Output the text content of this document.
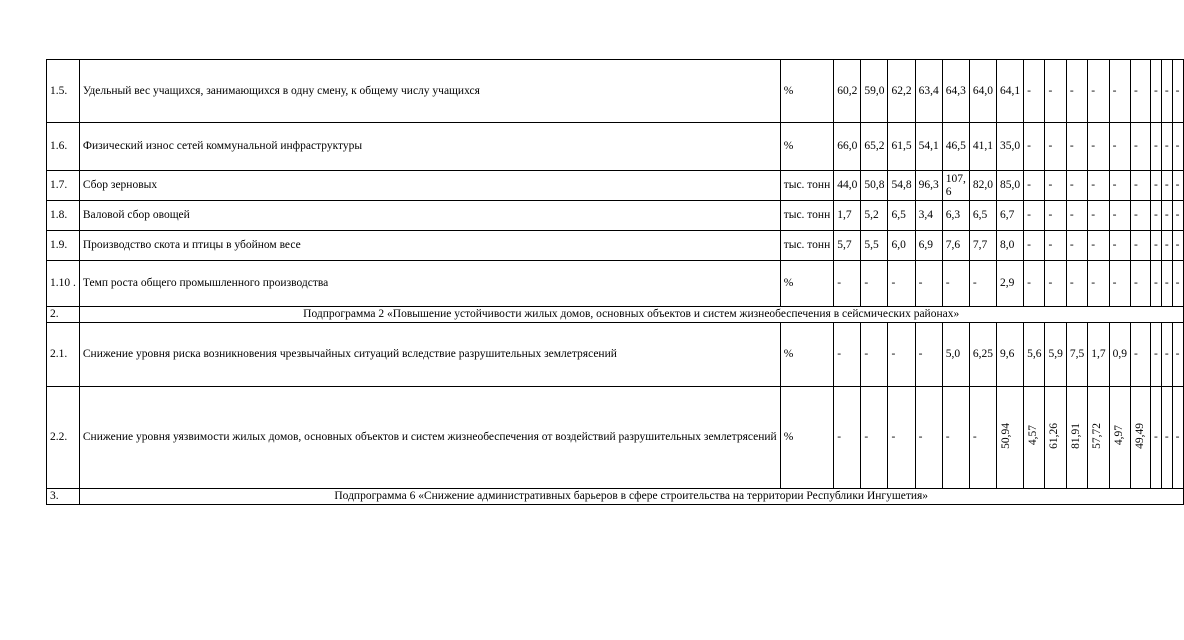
1.5.	Удельный вес учащихся, занимающихся в одну смену, к общему числу учащихся	%	60,2	59,0	62,2	63,4	64,3	64,0	64,1	-	-	-	-	-	-	-	-	-
1.6.	Физический износ сетей коммунальной инфраструктуры	%	66,0	65,2	61,5	54,1	46,5	41,1	35,0	-	-	-	-	-	-	-	-	-
1.7.	Сбор зерновых	тыс. тонн	44,0	50,8	54,8	96,3	107, 6	82,0	85,0	-	-	-	-	-	-	-	-	-
1.8.	Валовой сбор овощей	тыс. тонн	1,7	5,2	6,5	3,4	6,3	6,5	6,7	-	-	-	-	-	-	-	-	-
1.9.	Производство скота и птицы в убойном весе	тыс. тонн	5,7	5,5	6,0	6,9	7,6	7,7	8,0	-	-	-	-	-	-	-	-	-
1.10 .	Темп роста общего промышленного производства	%	-	-	-	-	-	-	2,9	-	-	-	-	-	-	-	-	-
2.	Подпрограмма 2 «Повышение устойчивости жилых домов, основных объектов и систем жизнеобеспечения в сейсмических районах»																	
2.1.	Снижение уровня риска возникновения чрезвычайных ситуаций вследствие разрушительных землетрясений	%	-	-	-	-	5,0	6,25	9,6	5,6	5,9	7,5	1,7	0,9	-	-	-	-
2.2.	Снижение уровня уязвимости жилых домов, основных объектов и систем жизнеобеспечения от воздействий разрушительных землетрясений	%	-	-	-	-	-	-	50,94	4,57	61,26	81,91	57,72	4,97	49,49	-	-	-
3.	Подпрограмма 6 «Снижение административных барьеров в сфере строительства на территории Республики Ингушетия»																	
